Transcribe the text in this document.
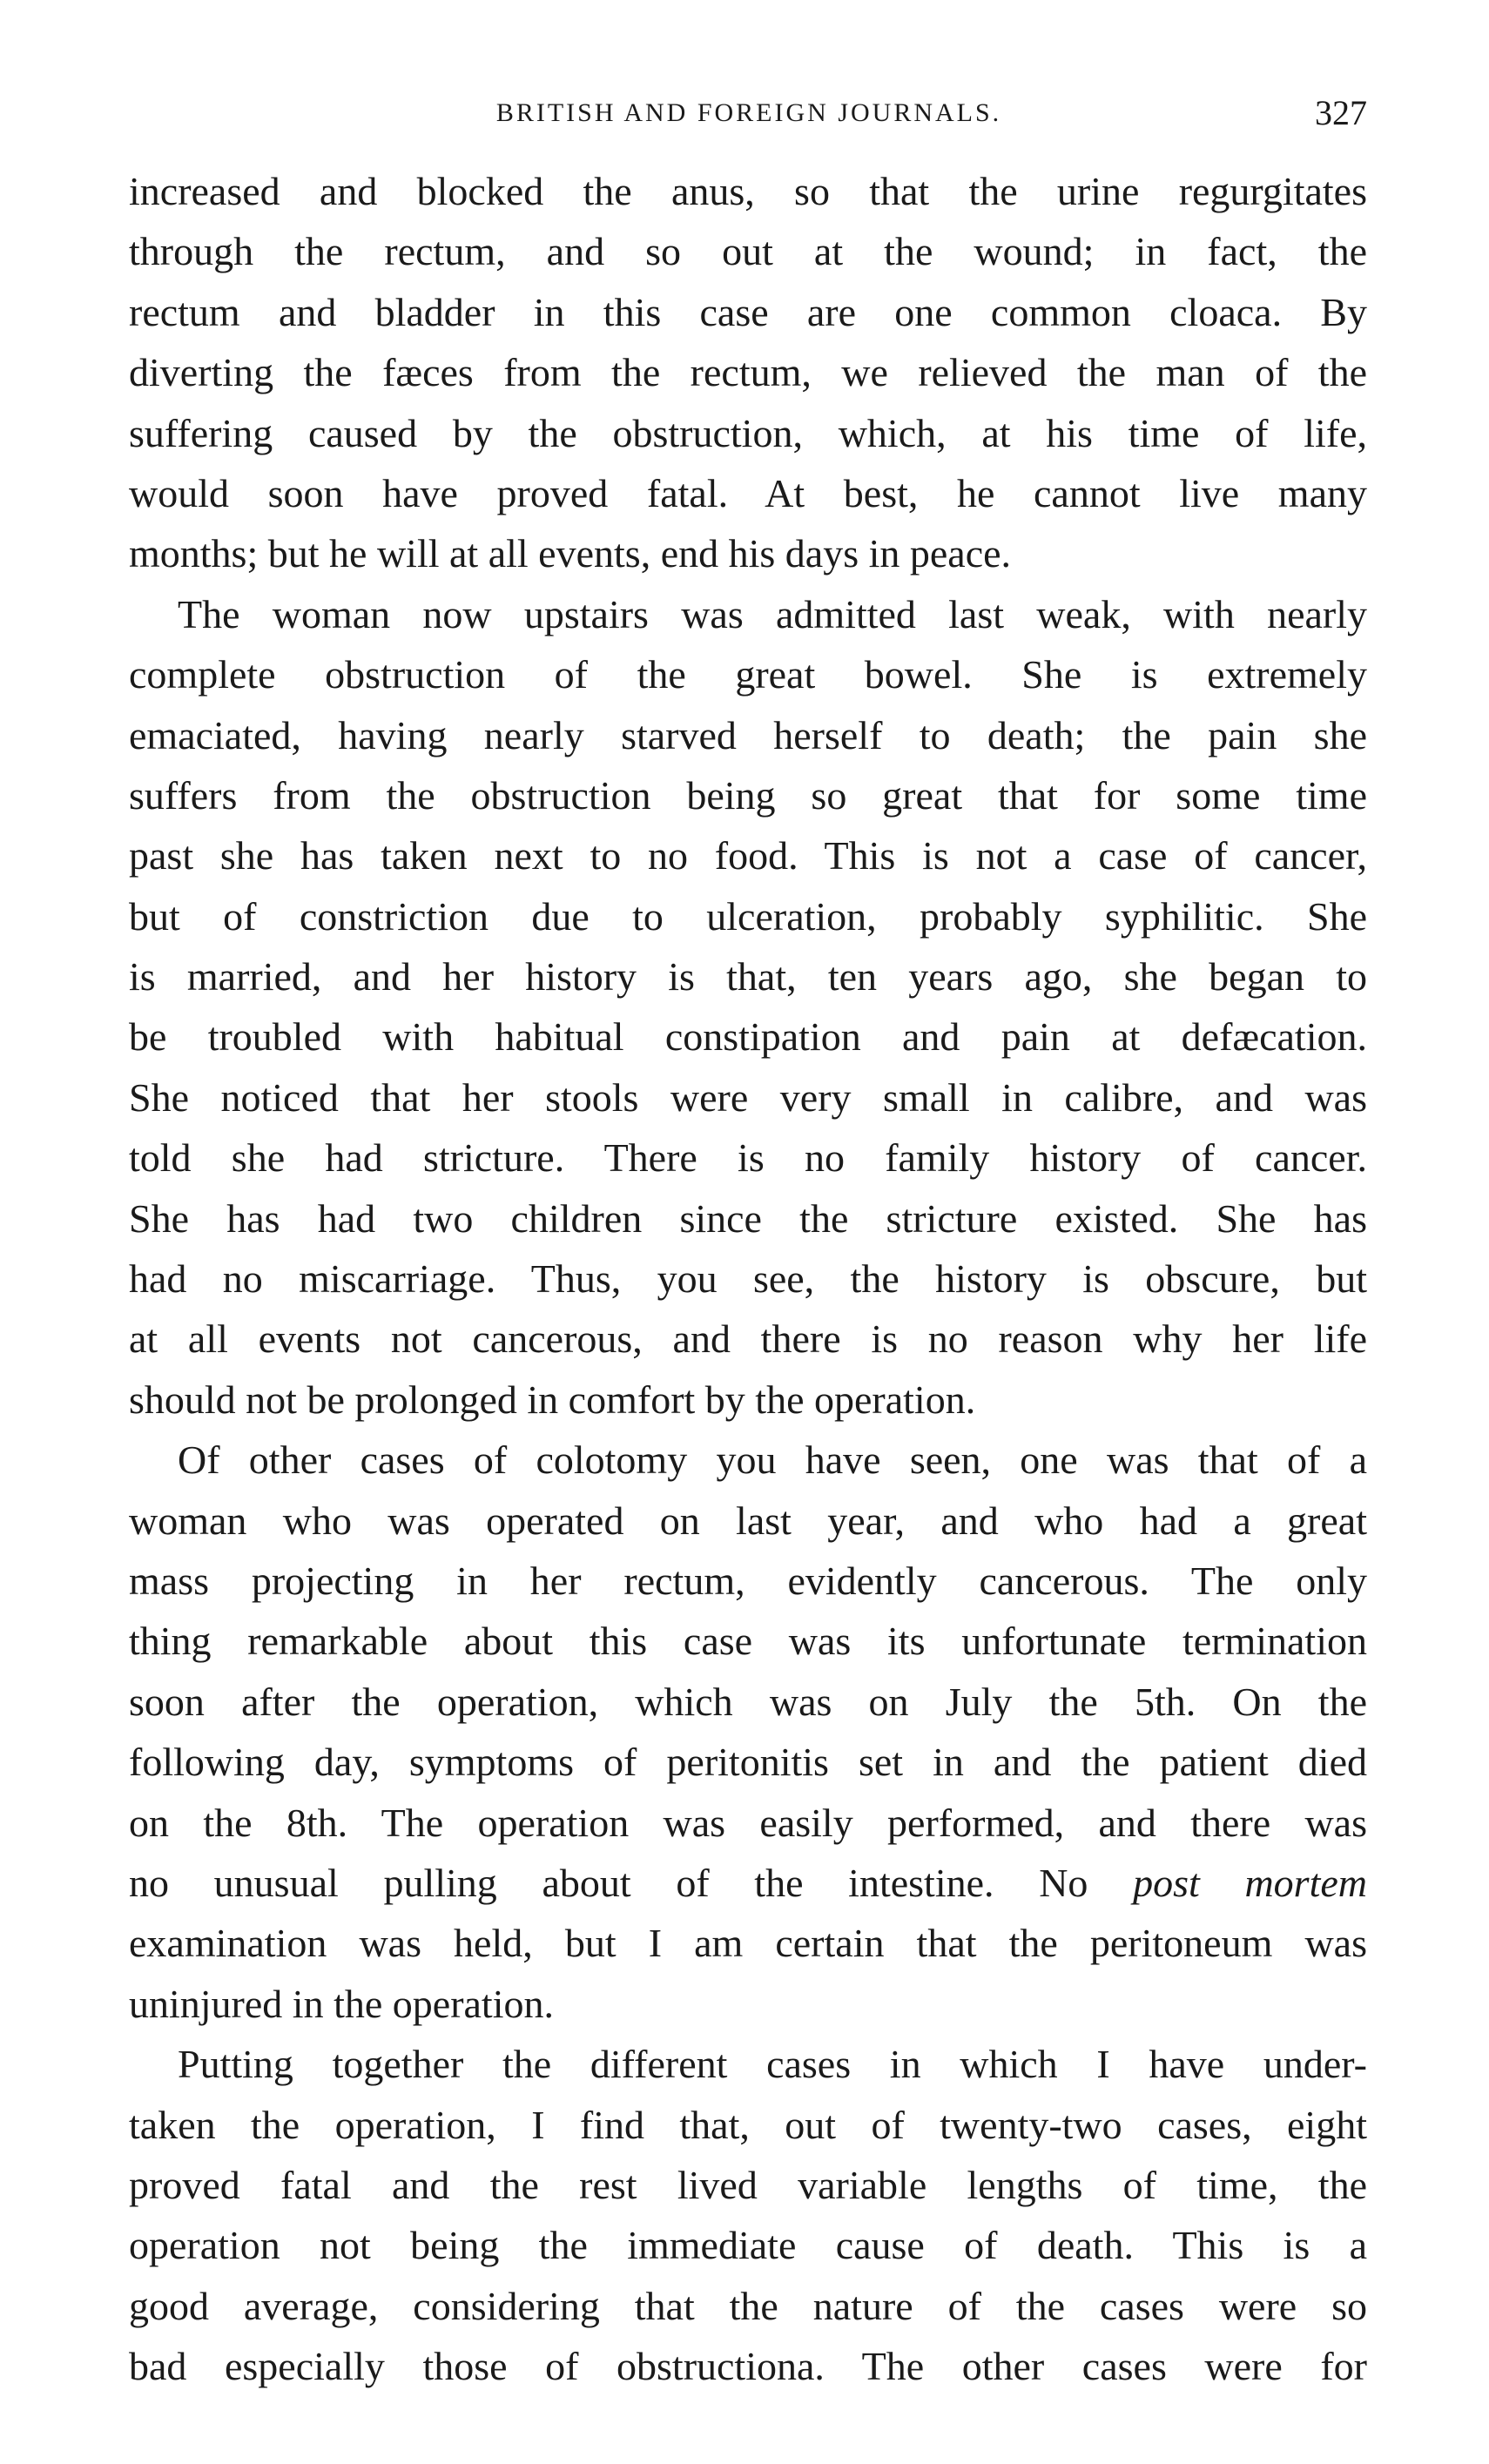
BRITISH AND FOREIGN JOURNALS.	327
increased and blocked the anus, so that the urine regurgitates
through the rectum, and so out at the wound; in fact, the
rectum and bladder in this case are one common cloaca. By
diverting the fæces from the rectum, we relieved the man of the
suffering caused by the obstruction, which, at his time of life,
would soon have proved fatal. At best, he cannot live many
months; but he will at all events, end his days in peace.
The woman now upstairs was admitted last weak, with nearly
complete obstruction of the great bowel. She is extremely
emaciated, having nearly starved herself to death; the pain she
suffers from the obstruction being so great that for some time
past she has taken next to no food. This is not a case of cancer,
but of constriction due to ulceration, probably syphilitic. She
is married, and her history is that, ten years ago, she began to
be troubled with habitual constipation and pain at defæcation.
She noticed that her stools were very small in calibre, and was
told she had stricture. There is no family history of cancer.
She has had two children since the stricture existed. She has
had no miscarriage. Thus, you see, the history is obscure, but
at all events not cancerous, and there is no reason why her life
should not be prolonged in comfort by the operation.
Of other cases of colotomy you have seen, one was that of a
woman who was operated on last year, and who had a great
mass projecting in her rectum, evidently cancerous. The only
thing remarkable about this case was its unfortunate termination
soon after the operation, which was on July the 5th. On the
following day, symptoms of peritonitis set in and the patient died
on the 8th. The operation was easily performed, and there was
no unusual pulling about of the intestine. No post mortem
examination was held, but I am certain that the peritoneum was
uninjured in the operation.
Putting together the different cases in which I have under-
taken the operation, I find that, out of twenty-two cases, eight
proved fatal and the rest lived variable lengths of time, the
operation not being the immediate cause of death. This is a
good average, considering that the nature of the cases were so
bad especially those of obstructiona. The other cases were for
